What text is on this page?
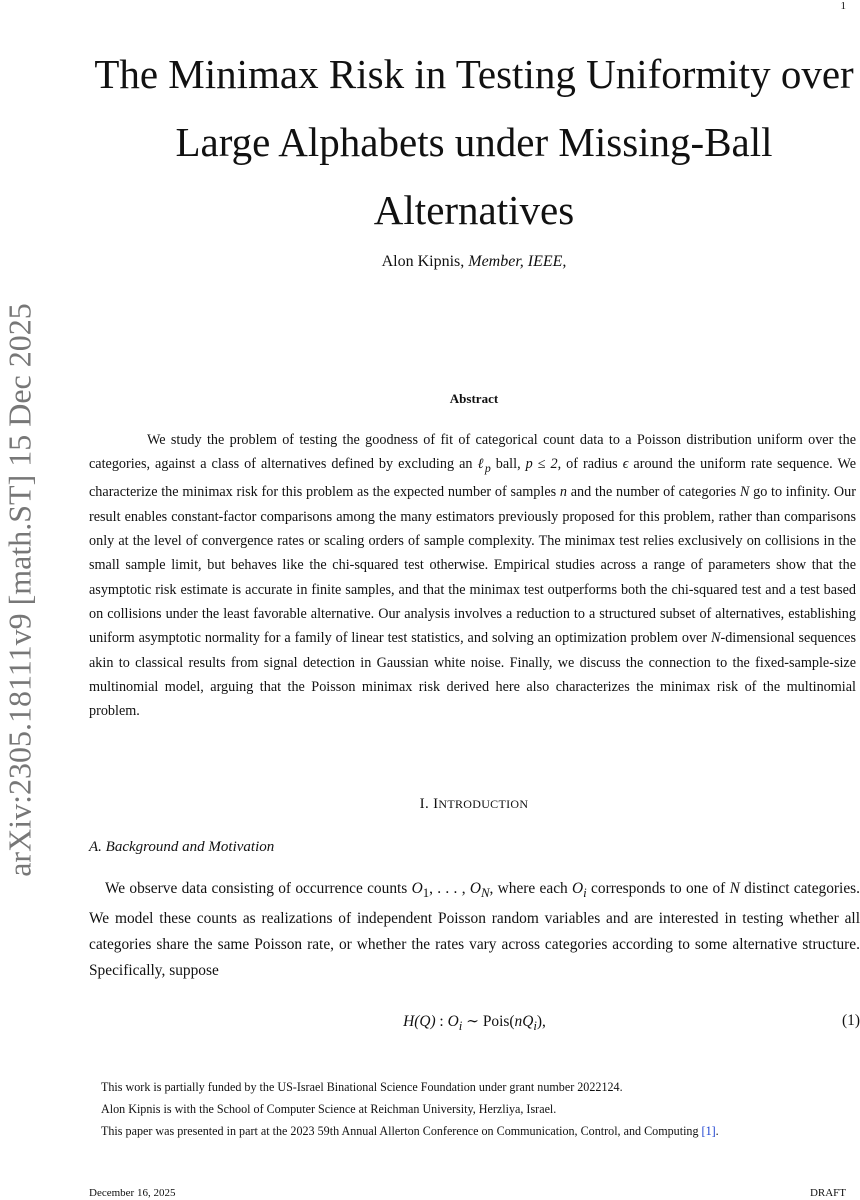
1
arXiv:2305.18111v9 [math.ST] 15 Dec 2025
The Minimax Risk in Testing Uniformity over
Large Alphabets under Missing-Ball
Alternatives
Alon Kipnis, Member, IEEE,
Abstract

We study the problem of testing the goodness of fit of categorical count data to a Poisson distribution uniform over the categories, against a class of alternatives defined by excluding an ℓ$_p$ ball, p ≤ 2, of radius ϵ around the uniform rate sequence. We characterize the minimax risk for this problem as the expected number of samples n and the number of categories N go to infinity. Our result enables constant-factor comparisons among the many estimators previously proposed for this problem, rather than comparisons only at the level of convergence rates or scaling orders of sample complexity. The minimax test relies exclusively on collisions in the small sample limit, but behaves like the chi-squared test otherwise. Empirical studies across a range of parameters show that the asymptotic risk estimate is accurate in finite samples, and that the minimax test outperforms both the chi-squared test and a test based on collisions under the least favorable alternative. Our analysis involves a reduction to a structured subset of alternatives, establishing uniform asymptotic normality for a family of linear test statistics, and solving an optimization problem over N-dimensional sequences akin to classical results from signal detection in Gaussian white noise. Finally, we discuss the connection to the fixed-sample-size multinomial model, arguing that the Poisson minimax risk derived here also characterizes the minimax risk of the multinomial problem.

I. INTRODUCTION
A. Background and Motivation

We observe data consisting of occurrence counts $O_1$, . . . , $O_N$, where each $O_i$ corresponds to one of N distinct categories. We model these counts as realizations of independent Poisson random variables and are interested in testing whether all categories share the same Poisson rate, or whether the rates vary across categories according to some alternative structure. Specifically, suppose

H(Q) : $O_i$ ∼ $Pois(nQ_i)$,	(1)

This work is partially funded by the US-Israel Binational Science Foundation under grant number 2022124.

Alon Kipnis is with the School of Computer Science at Reichman University, Herzliya, Israel.

This paper was presented in part at the 2023 59th Annual Allerton Conference on Communication, Control, and Computing [1].

December 16, 2025	DRAFT
